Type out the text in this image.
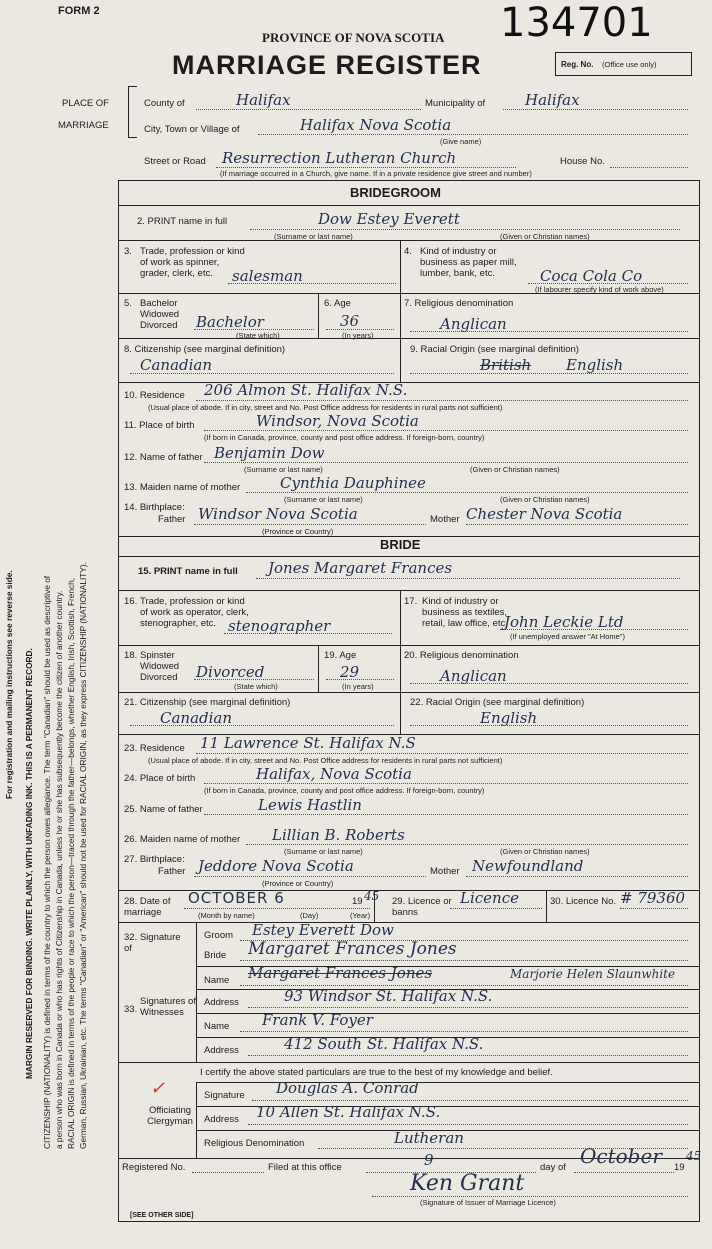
For registration and mailing instructions see reverse side. MARGIN RESERVED FOR BINDING. WRITE PLAINLY, WITH UNFADING INK. THIS IS A PERMANENT RECORD. CITIZENSHIP (NATIONALITY) is defined in terms of the country to which the person owes allegiance. The term "Canadian" should be used as descriptive of a person who was born in Canada or who has rights of Citizenship in Canada, unless he or she has subsequently become the citizen of another country. RACIAL ORIGIN is defined in terms of the people or race to which the person—traced through the father—belongs, whether English, Irish, Scottish, French, German, Russian, Ukrainian, etc. The terms "Canadian" or "American" should not be used for RACIAL ORIGIN, as they express CITIZENSHIP (NATIONALITY).
FORM 2	134701
PROVINCE OF NOVA SCOTIA
MARRIAGE REGISTER	Reg. No. (Office use only)
PLACE OF
MARRIAGE
County of	Halifax	Municipality of	Halifax
City, Town or Village of	Halifax Nova Scotia
(Give name)
Street or Road Resurrection Lutheran Church	House No.
(If marriage occurred in a Church, give name. If in a private residence give street and number)
BRIDEGROOM
2. PRINT name in full	Dow Estey Everett
(Surname or last name)	(Given or Christian names)
3. Trade, profession or kind of work as spinner, grader, clerk, etc.	salesman
4. Kind of industry or business as paper mill, lumber, bank, etc.	Coca Cola Co
(If labourer specify kind of work above)
5. Bachelor Widowed Divorced	Bachelor
(State which)
6. Age
36
(In years)
7. Religious denomination
Anglican
8. Citizenship (see marginal definition)
Canadian
9. Racial Origin (see marginal definition)
British English
10. Residence 206 Almon St. Halifax N.S.
(Usual place of abode. If in city, street and No. Post Office address for residents in rural parts not sufficient)
11. Place of birth	Windsor, Nova Scotia
(If born in Canada, province, county and post office address. If foreign-born, country)
12. Name of father Benjamin Dow
(Surname or last name)	(Given or Christian names)
13. Maiden name of mother	Cynthia Dauphinee
(Surname or last name)	(Given or Christian names)
14. Birthplace:
Father Windsor Nova Scotia	Mother Chester Nova Scotia
(Province or Country)
BRIDE
15. PRINT name in full Jones Margaret Frances
16. Trade, profession or kind of work as operator, clerk, stenographer, etc. stenographer
17. Kind of industry or business as textiles, retail, law office, etc.
John Leckie Ltd
(If unemployed answer "At Home")
18. Spinster Widowed Divorced	Divorced
(State which)
19. Age
29
(In years)
20. Religious denomination
Anglican
21. Citizenship (see marginal definition)
Canadian
22. Racial Origin (see marginal definition)
English
23. Residence 11 Lawrence St. Halifax N.S
(Usual place of abode. If in city, street and No. Post Office address for residents in rural parts not sufficient)
24. Place of birth	Halifax, Nova Scotia
(If born in Canada, province, county and post office address. If foreign-born, country)
25. Name of father	Lewis Hastlin
26. Maiden name of mother Lillian B. Roberts
(Surname or last name)	(Given or Christian names)
27. Birthplace:
Father Jeddore Nova Scotia	Mother Newfoundland
(Province or Country)
28. Date of marriage
OCTOBER 6	19 45
(Month by name)	(Day)	(Year)
29. Licence or banns
Licence	30. Licence No. # 79360
32. Signature of
Groom Estey Everett Dow
Bride Margaret Frances Jones
33.
Signatures of Witnesses
Name Margaret Frances Jones	Marjorie Helen Slaunwhite
Address	93 Windsor St. Halifax N.S.
Name Frank V. Foyer
Address	412 South St. Halifax N.S.
I certify the above stated particulars are true to the best of my knowledge and belief.
✓
Officiating Clergyman
Signature Douglas A. Conrad
Address 10 Allen St. Halifax N.S.
Religious Denomination	Lutheran
Registered No.	Filed at this office	9	day of October 19
45
Ken Grant
(Signature of Issuer of Marriage Licence)
[SEE OTHER SIDE]
